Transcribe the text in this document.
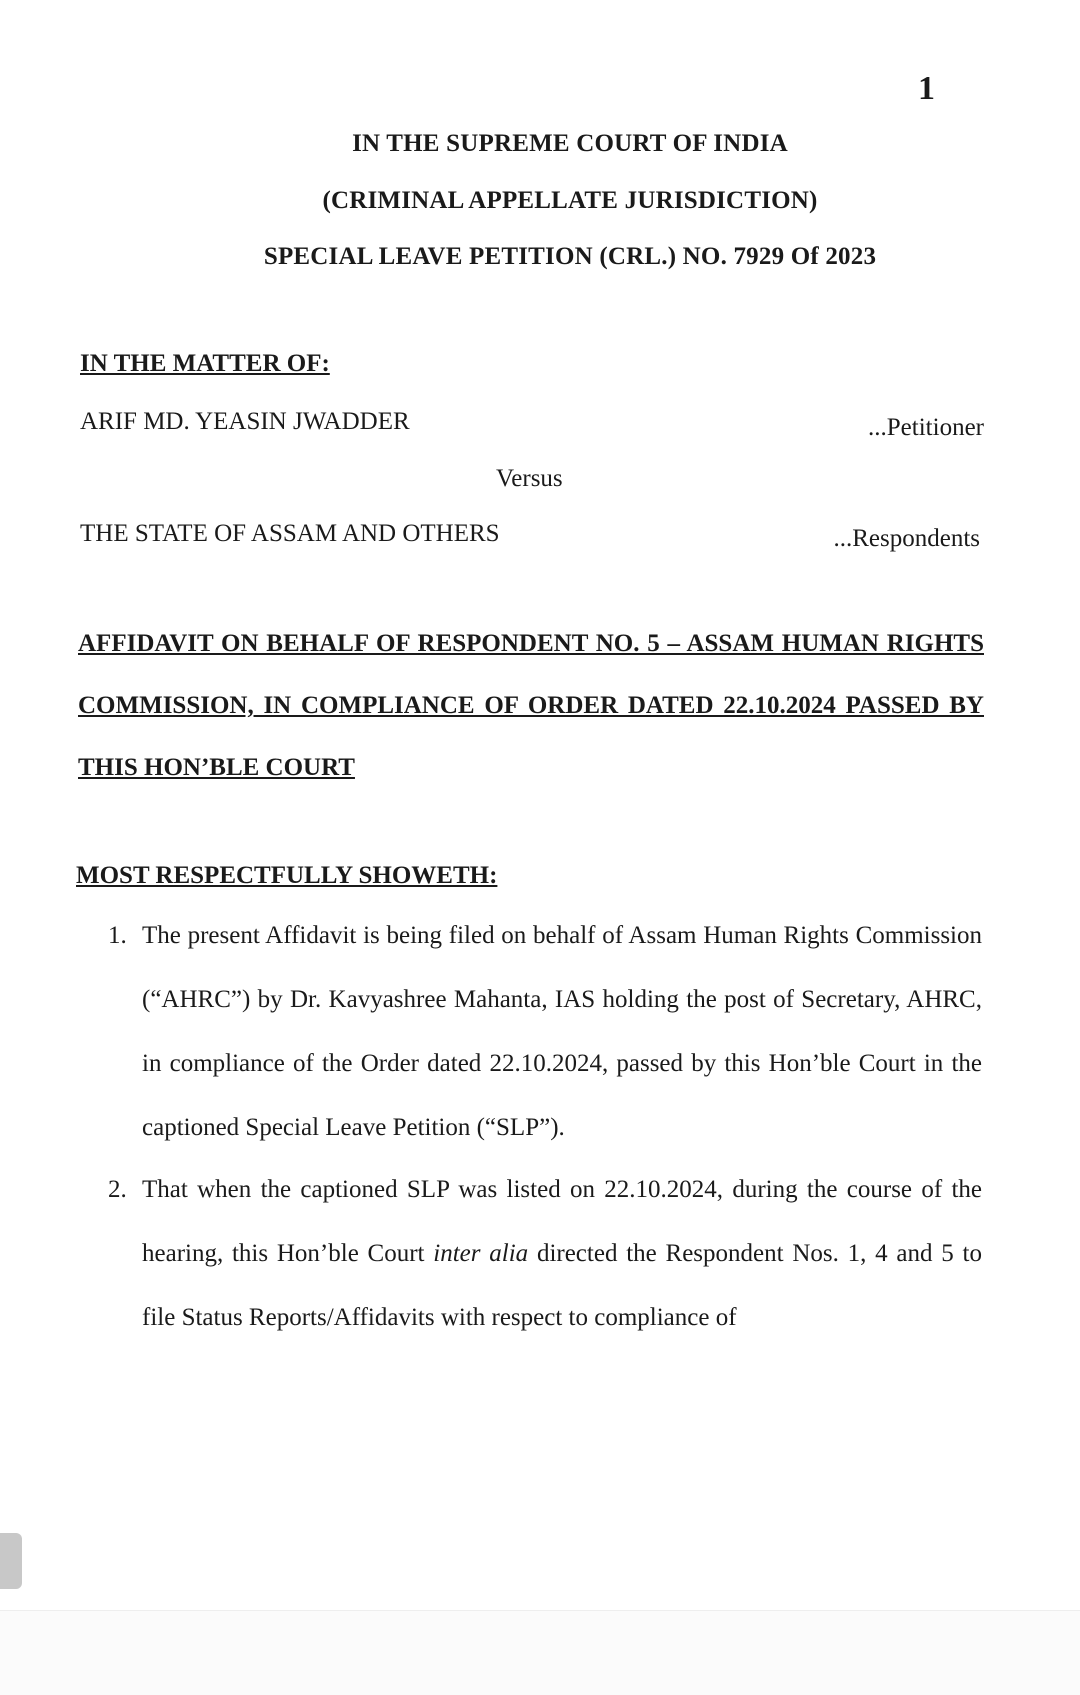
1
IN THE SUPREME COURT OF INDIA
(CRIMINAL APPELLATE JURISDICTION)
SPECIAL LEAVE PETITION (CRL.) NO. 7929 Of 2023
IN THE MATTER OF:
ARIF MD. YEASIN JWADDER	...Petitioner
Versus
THE STATE OF ASSAM AND OTHERS	...Respondents
AFFIDAVIT ON BEHALF OF RESPONDENT NO. 5 – ASSAM HUMAN RIGHTS COMMISSION, IN COMPLIANCE OF ORDER DATED 22.10.2024 PASSED BY THIS HON’BLE COURT
MOST RESPECTFULLY SHOWETH:
1. The present Affidavit is being filed on behalf of Assam Human Rights Commission (“AHRC”) by Dr. Kavyashree Mahanta, IAS holding the post of Secretary, AHRC, in compliance of the Order dated 22.10.2024, passed by this Hon’ble Court in the captioned Special Leave Petition (“SLP”).
2. That when the captioned SLP was listed on 22.10.2024, during the course of the hearing, this Hon’ble Court inter alia directed the Respondent Nos. 1, 4 and 5 to file Status Reports/Affidavits with respect to compliance of
